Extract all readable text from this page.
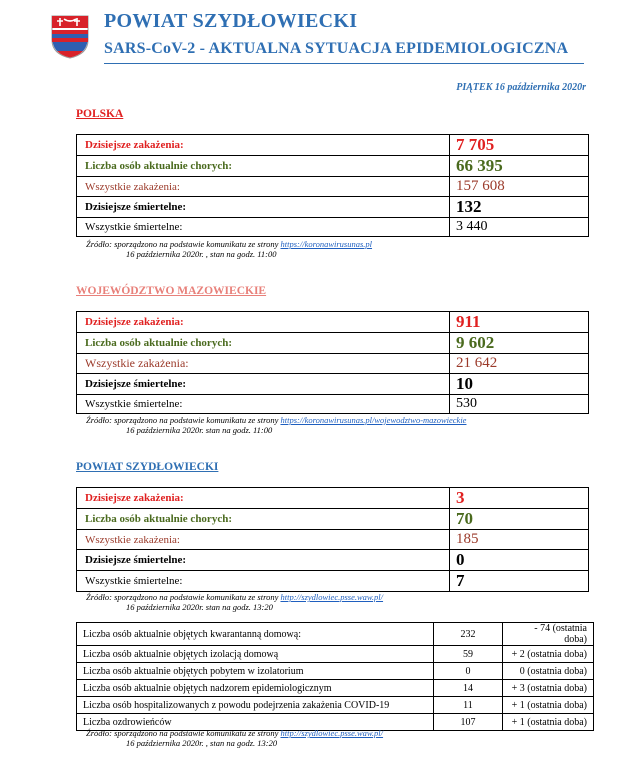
POWIAT SZYDŁOWIECKI
SARS-CoV-2 - AKTUALNA SYTUACJA EPIDEMIOLOGICZNA
PIĄTEK 16 października 2020r
POLSKA
Dzisiejsze zakażenia:	7 705
Liczba osób aktualnie chorych:	66 395
Wszystkie zakażenia:	157 608
Dzisiejsze śmiertelne:	132
Wszystkie śmiertelne:	3 440
Źródło: sporządzono na podstawie komunikatu ze strony https://koronawirusunas.pl
16 października 2020r. , stan na godz. 11:00
WOJEWÓDZTWO MAZOWIECKIE
Dzisiejsze zakażenia:	911
Liczba osób aktualnie chorych:	9 602
Wszystkie zakażenia:	21 642
Dzisiejsze śmiertelne:	10
Wszystkie śmiertelne:	530
Źródło: sporządzono na podstawie komunikatu ze strony https://koronawirusunas.pl/wojewodztwo-mazowieckie
16 października 2020r. stan na godz. 11:00
POWIAT SZYDŁOWIECKI
Dzisiejsze zakażenia:	3
Liczba osób aktualnie chorych:	70
Wszystkie zakażenia:	185
Dzisiejsze śmiertelne:	0
Wszystkie śmiertelne:	7
Źródło: sporządzono na podstawie komunikatu ze strony http://szydlowiec.psse.waw.pl/
16 października 2020r. stan na godz. 13:20
Liczba osób aktualnie objętych kwarantanną domową:	232	- 74 (ostatnia doba)
Liczba osób aktualnie objętych izolacją domową	59	+ 2 (ostatnia doba)
Liczba osób aktualnie objętych pobytem w izolatorium	0	0 (ostatnia doba)
Liczba osób aktualnie objętych nadzorem epidemiologicznym	14	+ 3 (ostatnia doba)
Liczba osób hospitalizowanych z powodu podejrzenia zakażenia COVID-19	11	+ 1 (ostatnia doba)
Liczba ozdrowieńców	107	+ 1 (ostatnia doba)
Źródło: sporządzono na podstawie komunikatu ze strony http://szydlowiec.psse.waw.pl/
16 października 2020r. , stan na godz. 13:20
